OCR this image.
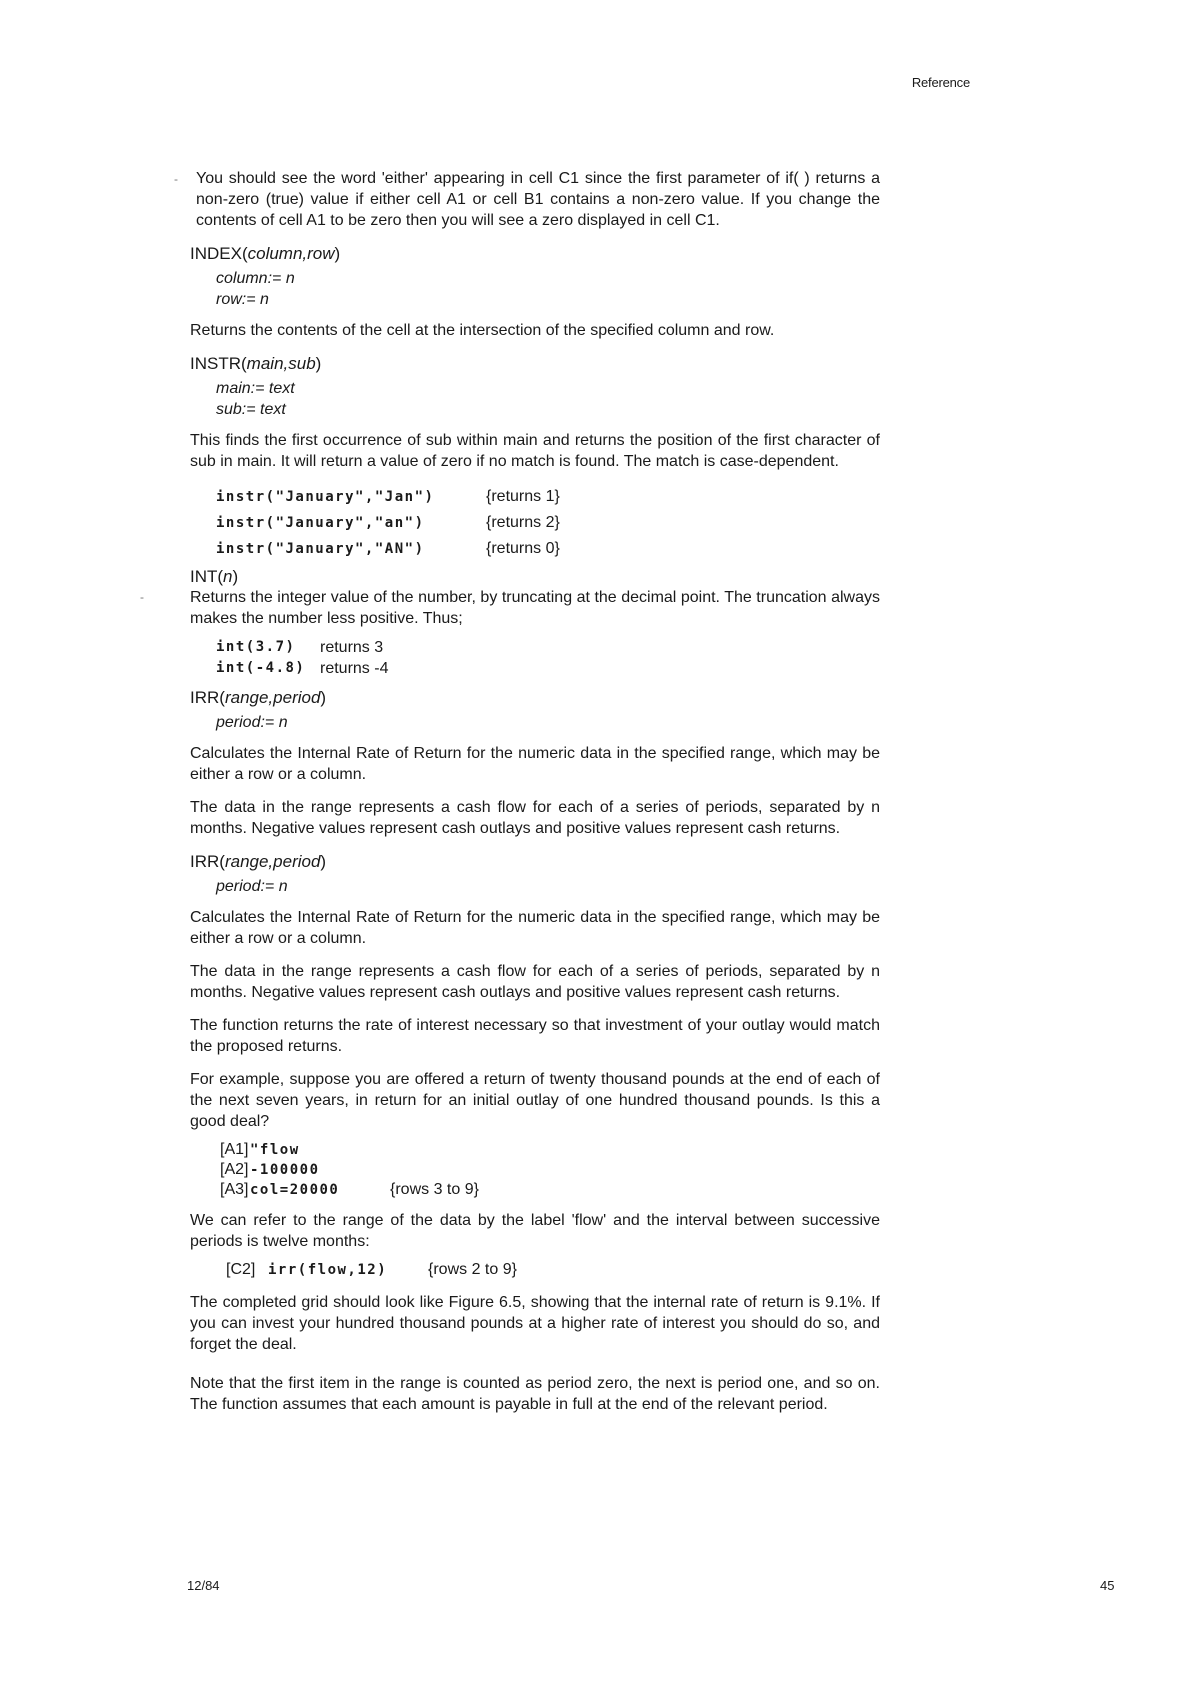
Reference
-
-

You should see the word 'either' appearing in cell C1 since the first parameter of if( ) returns a non-zero (true) value if either cell A1 or cell B1 contains a non-zero value. If you change the contents of cell A1 to be zero then you will see a zero displayed in cell C1.

INDEX(column,row)
column:= n
row:= n

Returns the contents of the cell at the intersection of the specified column and row.

INSTR(main,sub)
main:= text
sub:= text

This finds the first occurrence of sub within main and returns the position of the first character of sub in main. It will return a value of zero if no match is found. The match is case-dependent.

instr("January","Jan")	{returns 1}
instr("January","an")	{returns 2}
instr("January","AN")	{returns 0}
INT(n)

Returns the integer value of the number, by truncating at the decimal point. The truncation always makes the number less positive. Thus;

int(3.7)	returns 3
int(-4.8) returns -4
IRR(range,period)
period:= n

Calculates the Internal Rate of Return for the numeric data in the specified range, which may be either a row or a column.

The data in the range represents a cash flow for each of a series of periods, separated by n months. Negative values represent cash outlays and positive values represent cash returns.

IRR(range,period)
period:= n

Calculates the Internal Rate of Return for the numeric data in the specified range, which may be either a row or a column.

The data in the range represents a cash flow for each of a series of periods, separated by n months. Negative values represent cash outlays and positive values represent cash returns.

The function returns the rate of interest necessary so that investment of your outlay would match the proposed returns.

For example, suppose you are offered a return of twenty thousand pounds at the end of each of the next seven years, in return for an initial outlay of one hundred thousand pounds. Is this a good deal?

[A1] "flow
[A2] -100000
[A3] col=20000	{rows 3 to 9}

We can refer to the range of the data by the label 'flow' and the interval between successive periods is twelve months:

[C2] irr(flow,12)	{rows 2 to 9}

The completed grid should look like Figure 6.5, showing that the internal rate of return is 9.1%. If you can invest your hundred thousand pounds at a higher rate of interest you should do so, and forget the deal.

Note that the first item in the range is counted as period zero, the next is period one, and so on. The function assumes that each amount is payable in full at the end of the relevant period.

12/84	45
